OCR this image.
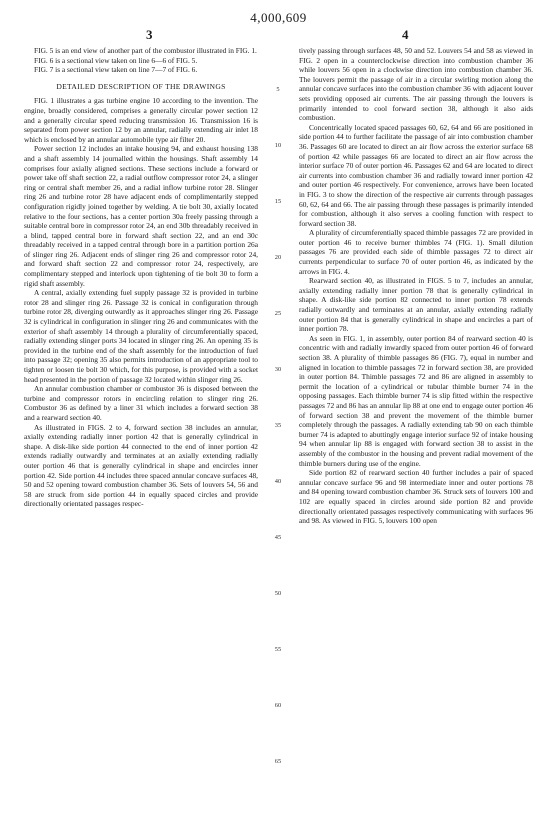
4,000,609
3	4
5
10
15
20
25
30
35
40
45
50
55
60
65

FIG. 5 is an end view of another part of the combustor illustrated in FIG. 1.

FIG. 6 is a sectional view taken on line 6—6 of FIG. 5.

FIG. 7 is a sectional view taken on line 7—7 of FIG. 6.

DETAILED DESCRIPTION OF THE DRAWINGS

FIG. 1 illustrates a gas turbine engine 10 according to the invention. The engine, broadly considered, comprises a generally circular power section 12 and a generally circular speed reducing transmission 16. Transmission 16 is separated from power section 12 by an annular, radially extending air inlet 18 which is enclosed by an annular automobile type air filter 20.

Power section 12 includes an intake housing 94, and exhaust housing 138 and a shaft assembly 14 journalled within the housings. Shaft assembly 14 comprises four axially aligned sections. These sections include a forward or power take off shaft section 22, a radial outflow compressor rotor 24, a slinger ring or central shaft member 26, and a radial inflow turbine rotor 28. Slinger ring 26 and turbine rotor 28 have adjacent ends of complimentarily stepped configuration rigidly joined together by welding. A tie bolt 30, axially located relative to the four sections, has a center portion 30a freely passing through a suitable central bore in compressor rotor 24, an end 30b threadably received in a blind, tapped central bore in forward shaft section 22, and an end 30c threadably received in a tapped central through bore in a partition portion 26a of slinger ring 26. Adjacent ends of slinger ring 26 and compressor rotor 24, and forward shaft section 22 and compressor rotor 24, respectively, are complimentary stepped and interlock upon tightening of tie bolt 30 to form a rigid shaft assembly.

A central, axially extending fuel supply passage 32 is provided in turbine rotor 28 and slinger ring 26. Passage 32 is conical in configuration through turbine rotor 28, diverging outwardly as it approaches slinger ring 26. Passage 32 is cylindrical in configuration in slinger ring 26 and communicates with the exterior of shaft assembly 14 through a plurality of circumferentially spaced, radially extending slinger ports 34 located in slinger ring 26. An opening 35 is provided in the turbine end of the shaft assembly for the introduction of fuel into passage 32; opening 35 also permits introduction of an appropriate tool to tighten or loosen tie bolt 30 which, for this purpose, is provided with a socket head presented in the portion of passage 32 located within slinger ring 26.

An annular combustion chamber or combustor 36 is disposed between the turbine and compressor rotors in encircling relation to slinger ring 26. Combustor 36 as defined by a liner 31 which includes a forward section 38 and a rearward section 40.

As illustrated in FIGS. 2 to 4, forward section 38 includes an annular, axially extending radially inner portion 42 that is generally cylindrical in shape. A disk-like side portion 44 connected to the end of inner portion 42 extends radially outwardly and terminates at an axially extending radially outer portion 46 that is generally cylindrical in shape and encircles inner portion 42. Side portion 44 includes three spaced annular concave surfaces 48, 50 and 52 opening toward combustion chamber 36. Sets of louvers 54, 56 and 58 are struck from side portion 44 in equally spaced circles and provide directionally orientated passages respec-

tively passing through surfaces 48, 50 and 52. Louvers 54 and 58 as viewed in FIG. 2 open in a counterclockwise direction into combustion chamber 36 while louvers 56 open in a clockwise direction into combustion chamber 36. The louvers permit the passage of air in a circular swirling motion along the annular concave surfaces into the combustion chamber 36 with adjacent louver sets providing opposed air currents. The air passing through the louvers is primarily intended to cool forward section 38, although it also aids combustion.

Concentrically located spaced passages 60, 62, 64 and 66 are positioned in side portion 44 to further facilitate the passage of air into combustion chamber 36. Passages 60 are located to direct an air flow across the exterior surface 68 of portion 42 while passages 66 are located to direct an air flow across the interior surface 70 of outer portion 46. Passages 62 and 64 are located to direct air currents into combustion chamber 36 and radially toward inner portion 42 and outer portion 46 respectively. For convenience, arrows have been located in FIG. 3 to show the direction of the respective air currents through passages 60, 62, 64 and 66. The air passing through these passages is primarily intended for combustion, although it also serves a cooling function with respect to forward section 38.

A plurality of circumferentially spaced thimble passages 72 are provided in outer portion 46 to receive burner thimbles 74 (FIG. 1). Small dilution passages 76 are provided each side of thimble passages 72 to direct air currents perpendicular to surface 70 of outer portion 46, as indicated by the arrows in FIG. 4.

Rearward section 40, as illustrated in FIGS. 5 to 7, includes an annular, axially extending radially inner portion 78 that is generally cylindrical in shape. A disk-like side portion 82 connected to inner portion 78 extends radially outwardly and terminates at an annular, axially extending radially outer portion 84 that is generally cylindrical in shape and encircles a part of inner portion 78.

As seen in FIG. 1, in assembly, outer portion 84 of rearward section 40 is concentric with and radially inwardly spaced from outer portion 46 of forward section 38. A plurality of thimble passages 86 (FIG. 7), equal in number and aligned in location to thimble passages 72 in forward section 38, are provided in outer portion 84. Thimble passages 72 and 86 are aligned in assembly to permit the location of a cylindrical or tubular thimble burner 74 in the opposing passages. Each thimble burner 74 is slip fitted within the respective passages 72 and 86 has an annular lip 88 at one end to engage outer portion 46 of forward section 38 and prevent the movement of the thimble burner completely through the passages. A radially extending tab 90 on each thimble burner 74 is adapted to abuttingly engage interior surface 92 of intake housing 94 when annular lip 88 is engaged with forward section 38 to assist in the assembly of the combustor in the housing and prevent radial movement of the thimble burners during use of the engine.

Side portion 82 of rearward section 40 further includes a pair of spaced annular concave surface 96 and 98 intermediate inner and outer portions 78 and 84 opening toward combustion chamber 36. Struck sets of louvers 100 and 102 are equally spaced in circles around side portion 82 and provide directionally orientated passages respectively communicating with surfaces 96 and 98. As viewed in FIG. 5, louvers 100 open
